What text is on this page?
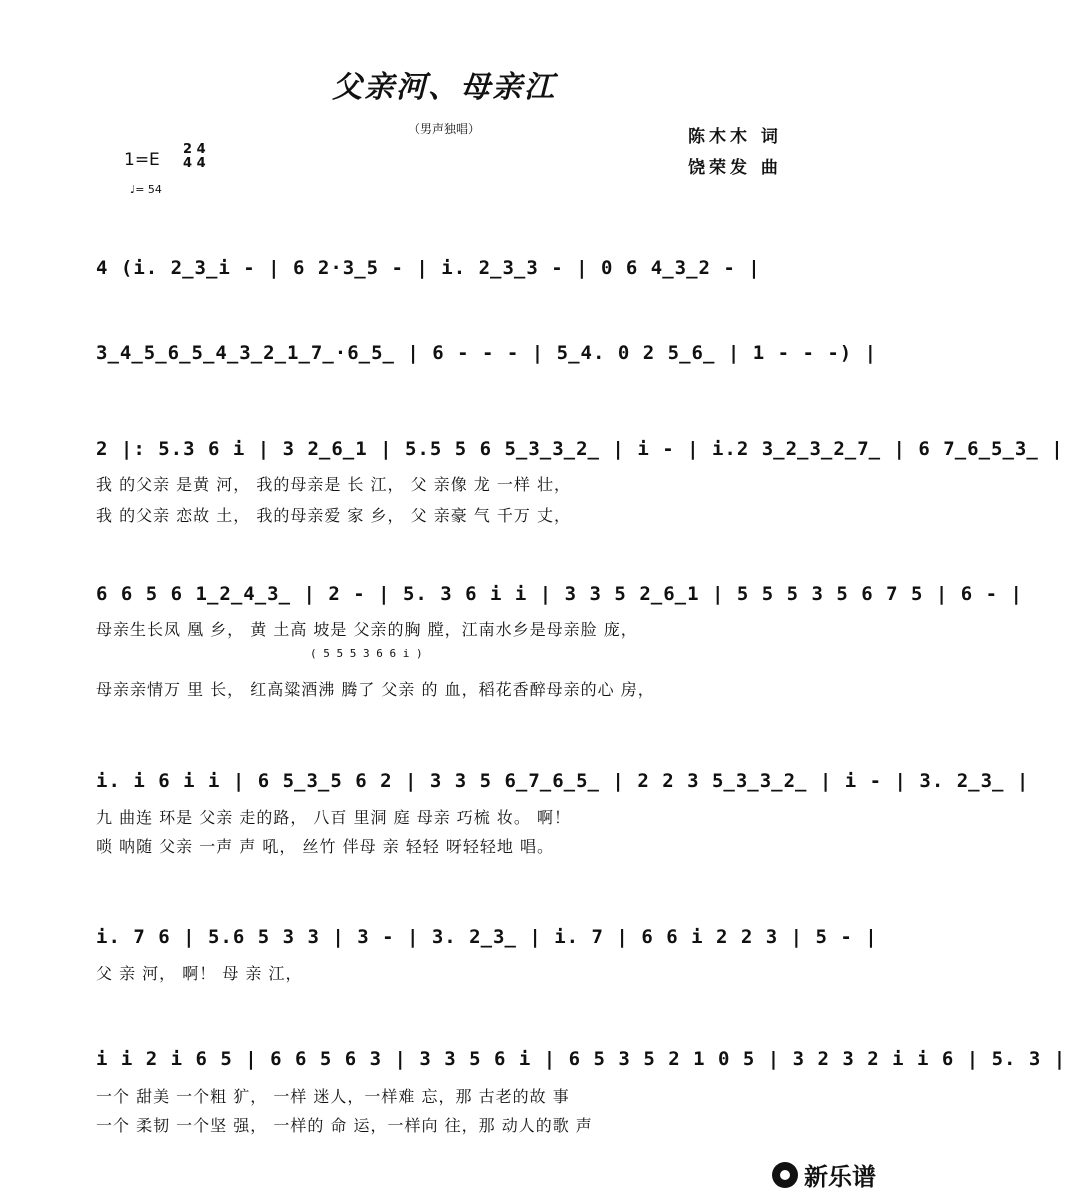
父亲河、母亲江
（男声独唱）	陈木木 词
饶荣发 曲
1=E
2 4
4 4
♩= 54
4 (i. 2̲3̲i - | 6 2·3̲5 - | i. 2̲3̲3 - | 0 6 4̲3̲2 - |
3̲4̲5̲6̲5̲4̲3̲2̲1̲7̲·6̲5̲ | 6 - - - | 5̲4. 0 2 5̲6̲ | 1 - - -) |
2 |: 5.3 6 i | 3 2̲6̲1 | 5.5 5 6 5̲3̲3̲2̲ | i - | i.2 3̲2̲3̲2̲7̲ | 6 7̲6̲5̲3̲ |
我 的父亲 是黄 河， 我的母亲是 长 江， 父 亲像 龙 一样 壮，
我 的父亲 恋故 土， 我的母亲爱 家 乡， 父 亲豪 气 千万 丈，
6 6 5 6 1̲2̲4̲3̲ | 2 - | 5. 3 6 i i | 3 3 5 2̲6̲1 | 5 5 5 3 5 6 7 5 | 6 - |
母亲生长凤 凰 乡， 黄 土高 坡是 父亲的胸 膛，江南水乡是母亲脸 庞，
( 5 5 5 3 6 6 i )
母亲亲情万 里 长， 红高粱酒沸 腾了 父亲 的 血，稻花香醉母亲的心 房，
i. i 6 i i | 6 5̲3̲5 6 2 | 3 3 5 6̲7̲6̲5̲ | 2 2 3 5̲3̲3̲2̲ | i - | 3. 2̲3̲ |
九 曲连 环是 父亲 走的路， 八百 里洞 庭 母亲 巧梳 妆。 啊！
唢 呐随 父亲 一声 声 吼， 丝竹 伴母 亲 轻轻 呀轻轻地 唱。
i. 7 6 | 5.6 5 3 3 | 3 - | 3. 2̲3̲ | i. 7 | 6 6 i 2 2 3 | 5 - |
父 亲 河， 啊！ 母 亲 江，
i i 2 i 6 5 | 6 6 5 6 3 | 3 3 5 6 i | 6 5 3 5 2 1 0 5 | 3 2 3 2 i i 6 | 5. 3 |
一个 甜美 一个粗 犷， 一样 迷人，一样难 忘，那 古老的故 事
一个 柔韧 一个坚 强， 一样的 命 运，一样向 往，那 动人的歌 声
新乐谱
